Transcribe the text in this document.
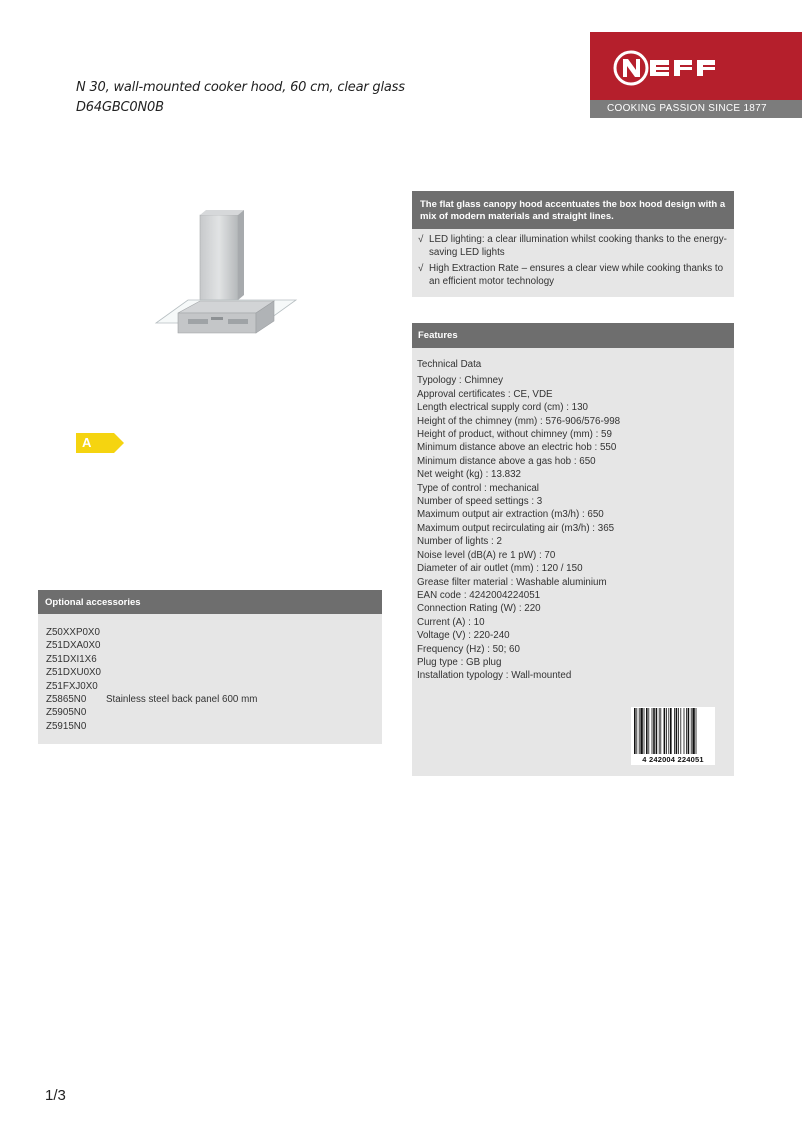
N 30, wall-mounted cooker hood, 60 cm, clear glass
D64GBC0N0B	COOKING PASSION SINCE 1877
A
Optional accessories
Z50XXP0X0
Z51DXA0X0
Z51DXI1X6
Z51DXU0X0
Z51FXJ0X0
Z5865N0	Stainless steel back panel 600 mm
Z5905N0
Z5915N0
The flat glass canopy hood accentuates the box hood design with a mix of modern materials and straight lines.
√ LED lighting: a clear illumination whilst cooking thanks to the energy-saving LED lights
√ High Extraction Rate – ensures a clear view while cooking thanks to an efficient motor technology
Features
Technical Data
Typology : Chimney
Approval certificates : CE, VDE
Length electrical supply cord (cm) : 130
Height of the chimney (mm) : 576-906/576-998
Height of product, without chimney (mm) : 59
Minimum distance above an electric hob : 550
Minimum distance above a gas hob : 650
Net weight (kg) : 13.832
Type of control : mechanical
Number of speed settings : 3
Maximum output air extraction (m3/h) : 650
Maximum output recirculating air (m3/h) : 365
Number of lights : 2
Noise level (dB(A) re 1 pW) : 70
Diameter of air outlet (mm) : 120 / 150
Grease filter material : Washable aluminium
EAN code : 4242004224051
Connection Rating (W) : 220
Current (A) : 10
Voltage (V) : 220-240
Frequency (Hz) : 50; 60
Plug type : GB plug
Installation typology : Wall-mounted
4 242004 224051
1/3
